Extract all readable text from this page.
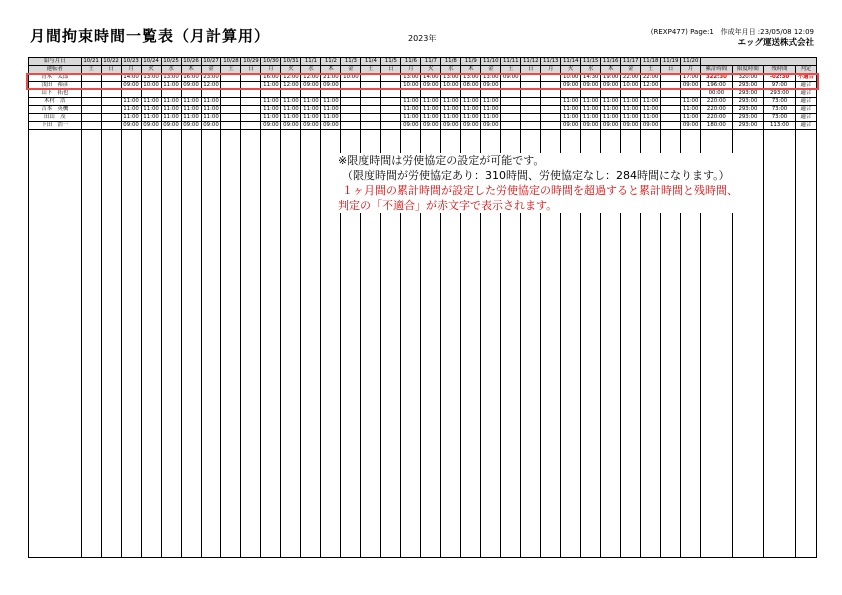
月間拘束時間一覧表（月計算用）	2023年
(REXP477) Page:1 作成年月日 :23/05/08 12:09
エッグ運送株式会社
給与月日	10/21	10/22	10/23	10/24	10/25	10/26	10/27	10/28	10/29	10/30	10/31	11/1	11/2	11/3	11/4	11/5	11/6	11/7	11/8	11/9	11/10	11/11	11/12	11/13	11/14	11/15	11/16	11/17	11/18	11/19	11/20				
運転者	土	日	月	火	水	木	金	土	日	月	火	水	木	金	土	日	月	火	水	木	金	土	日	月	火	水	木	金	土	日	月	累計時間	限度時間	残時間	判定
青木　太郎			14:00	13:00	13:00	16:00	23:00			16:00	12:00	12:00	21:00	10:00			13:00	14:00	13:00	13:00	13:00	09:00			10:00	14:30	19:00	22:00	22:00		17:00	322:30	320:00	-02:30	不適合
浅田　裕彦			09:00	10:00	11:00	09:00	12:00			11:00	12:00	09:00	09:00				10:00	09:00	10:00	08:00	09:00				09:00	09:00	09:00	10:00	12:00		09:00	196:00	293:00	97:00	適合
山下　拓也																																00:00	293:00	293:00	適合
木村　浩			11:00	11:00	11:00	11:00	11:00			11:00	11:00	11:00	11:00				11:00	11:00	11:00	11:00	11:00				11:00	11:00	11:00	11:00	11:00		11:00	220:00	293:00	73:00	適合
吉本　英機			11:00	11:00	11:00	11:00	11:00			11:00	11:00	11:00	11:00				11:00	11:00	11:00	11:00	11:00				11:00	11:00	11:00	11:00	11:00		11:00	220:00	293:00	73:00	適合
田山　茂			11:00	11:00	11:00	11:00	11:00			11:00	11:00	11:00	11:00				11:00	11:00	11:00	11:00	11:00				11:00	11:00	11:00	11:00	11:00		11:00	220:00	293:00	73:00	適合
下田　浩一			09:00	09:00	09:00	09:00	09:00			09:00	09:00	09:00	09:00				09:00	09:00	09:00	09:00	09:00				09:00	09:00	09:00	09:00	09:00		09:00	180:00	293:00	113:00	適合

※限度時間は労使協定の設定が可能です。
（限度時間が労使協定あり：310時間、労使協定なし：284時間になります。）
１ヶ月間の累計時間が設定した労使協定の時間を超過すると累計時間と残時間、
判定の「不適合」が赤文字で表示されます。
